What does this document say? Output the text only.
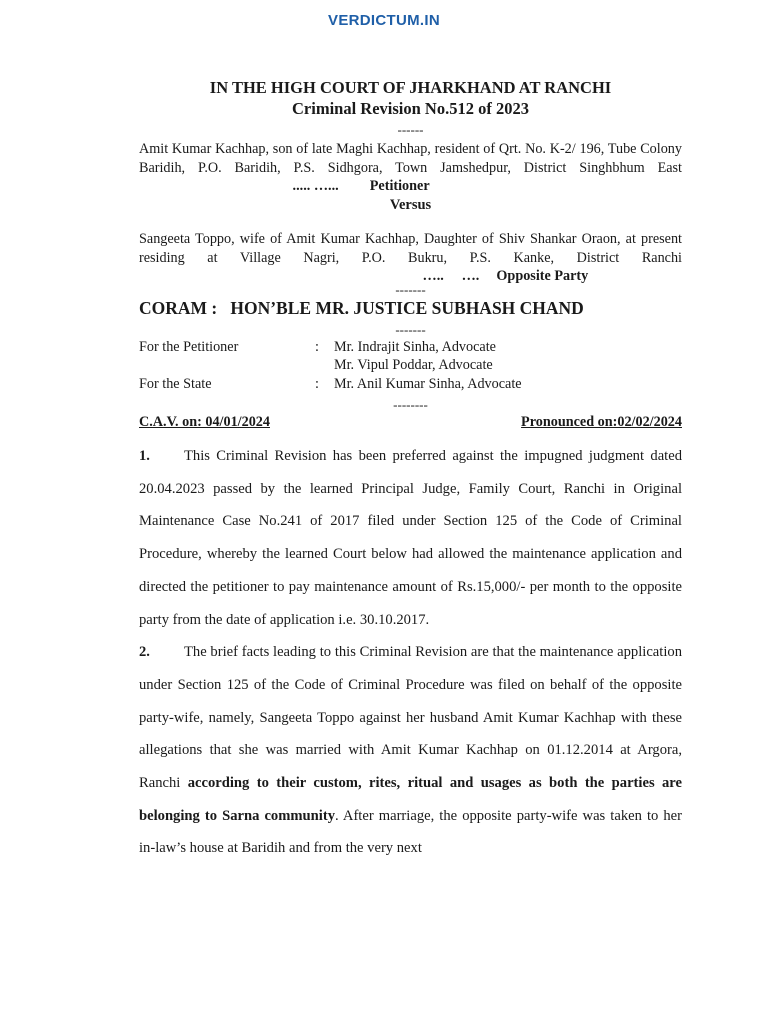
VERDICTUM.IN
IN THE HIGH COURT OF JHARKHAND AT RANCHI
Criminal Revision No.512 of 2023
------
Amit Kumar Kachhap, son of late Maghi Kachhap, resident of Qrt. No. K-2/ 196, Tube Colony Baridih, P.O. Baridih, P.S. Sidhgora, Town Jamshedpur, District Singhbhum East  ..... …... Petitioner
Versus
Sangeeta Toppo, wife of Amit Kumar Kachhap, Daughter of Shiv Shankar Oraon, at present residing at Village Nagri, P.O. Bukru, P.S. Kanke, District Ranchi  …..     …. Opposite Party
-------
CORAM :   HON’BLE MR. JUSTICE SUBHASH CHAND
-------
For the Petitioner	: Mr. Indrajit Sinha, Advocate
Mr. Vipul Poddar, Advocate
For the State	: Mr. Anil Kumar Sinha, Advocate
--------
C.A.V. on: 04/01/2024	Pronounced on:02/02/2024

1. This Criminal Revision has been preferred against the impugned judgment dated 20.04.2023 passed by the learned Principal Judge, Family Court, Ranchi in Original Maintenance Case No.241 of 2017 filed under Section 125 of the Code of Criminal Procedure, whereby the learned Court below had allowed the maintenance application and directed the petitioner to pay maintenance amount of Rs.15,000/- per month to the opposite party from the date of application i.e. 30.10.2017.

2. The brief facts leading to this Criminal Revision are that the maintenance application under Section 125 of the Code of Criminal Procedure was filed on behalf of the opposite party-wife, namely, Sangeeta Toppo against her husband Amit Kumar Kachhap with these allegations that she was married with Amit Kumar Kachhap on 01.12.2014 at Argora, Ranchi according to their custom, rites, ritual and usages as both the parties are belonging to Sarna community. After marriage, the opposite party-wife was taken to her in-law’s house at Baridih and from the very next
